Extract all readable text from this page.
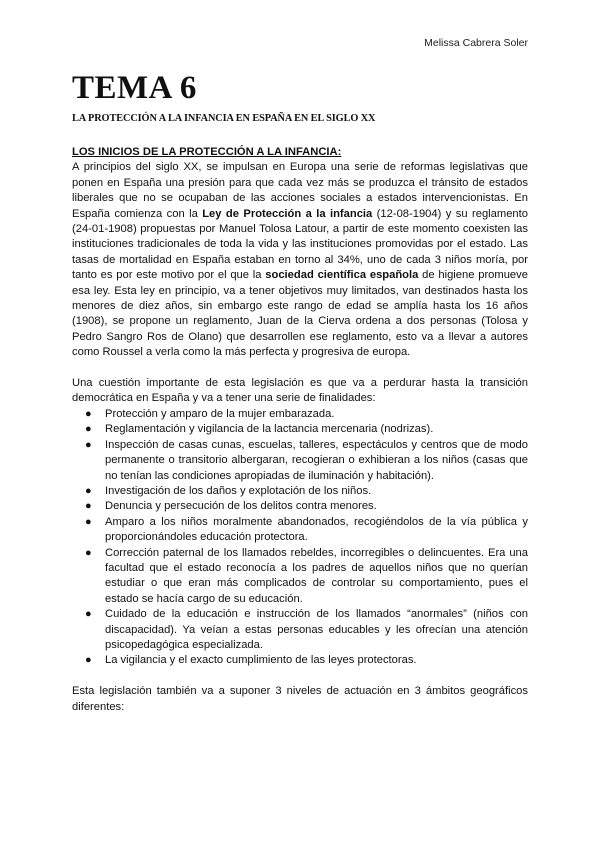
Melissa Cabrera Soler
TEMA 6
LA PROTECCIÓN A LA INFANCIA EN ESPAÑA EN EL SIGLO XX
LOS INICIOS DE LA PROTECCIÓN A LA INFANCIA:

A principios del siglo XX, se impulsan en Europa una serie de reformas legislativas que ponen en España una presión para que cada vez más se produzca el tránsito de estados liberales que no se ocupaban de las acciones sociales a estados intervencionistas. En España comienza con la Ley de Protección a la infancia (12-08-1904) y su reglamento (24-01-1908) propuestas por Manuel Tolosa Latour, a partir de este momento coexisten las instituciones tradicionales de toda la vida y las instituciones promovidas por el estado. Las tasas de mortalidad en España estaban en torno al 34%, uno de cada 3 niños moría, por tanto es por este motivo por el que la sociedad científica española de higiene promueve esa ley. Esta ley en principio, va a tener objetivos muy limitados, van destinados hasta los menores de diez años, sin embargo este rango de edad se amplía hasta los 16 años (1908), se propone un reglamento, Juan de la Cierva ordena a dos personas (Tolosa y Pedro Sangro Ros de Olano) que desarrollen ese reglamento, esto va a llevar a autores como Roussel a verla como la más perfecta y progresiva de europa.

Una cuestión importante de esta legislación es que va a perdurar hasta la transición democrática en España y va a tener una serie de finalidades:

● Protección y amparo de la mujer embarazada.
● Reglamentación y vigilancia de la lactancia mercenaria (nodrizas).
● Inspección de casas cunas, escuelas, talleres, espectáculos y centros que de modo permanente o transitorio albergaran, recogieran o exhibieran a los niños (casas que no tenían las condiciones apropiadas de iluminación y habitación).
● Investigación de los daños y explotación de los niños.
● Denuncia y persecución de los delitos contra menores.
● Amparo a los niños moralmente abandonados, recogiéndolos de la vía pública y proporcionándoles educación protectora.
● Corrección paternal de los llamados rebeldes, incorregibles o delincuentes. Era una facultad que el estado reconocía a los padres de aquellos niños que no querían estudiar o que eran más complicados de controlar su comportamiento, pues el estado se hacía cargo de su educación.
● Cuidado de la educación e instrucción de los llamados “anormales” (niños con discapacidad). Ya veían a estas personas educables y les ofrecían una atención psicopedagógica especializada.
● La vigilancia y el exacto cumplimiento de las leyes protectoras.

Esta legislación también va a suponer 3 niveles de actuación en 3 ámbitos geográficos diferentes:
